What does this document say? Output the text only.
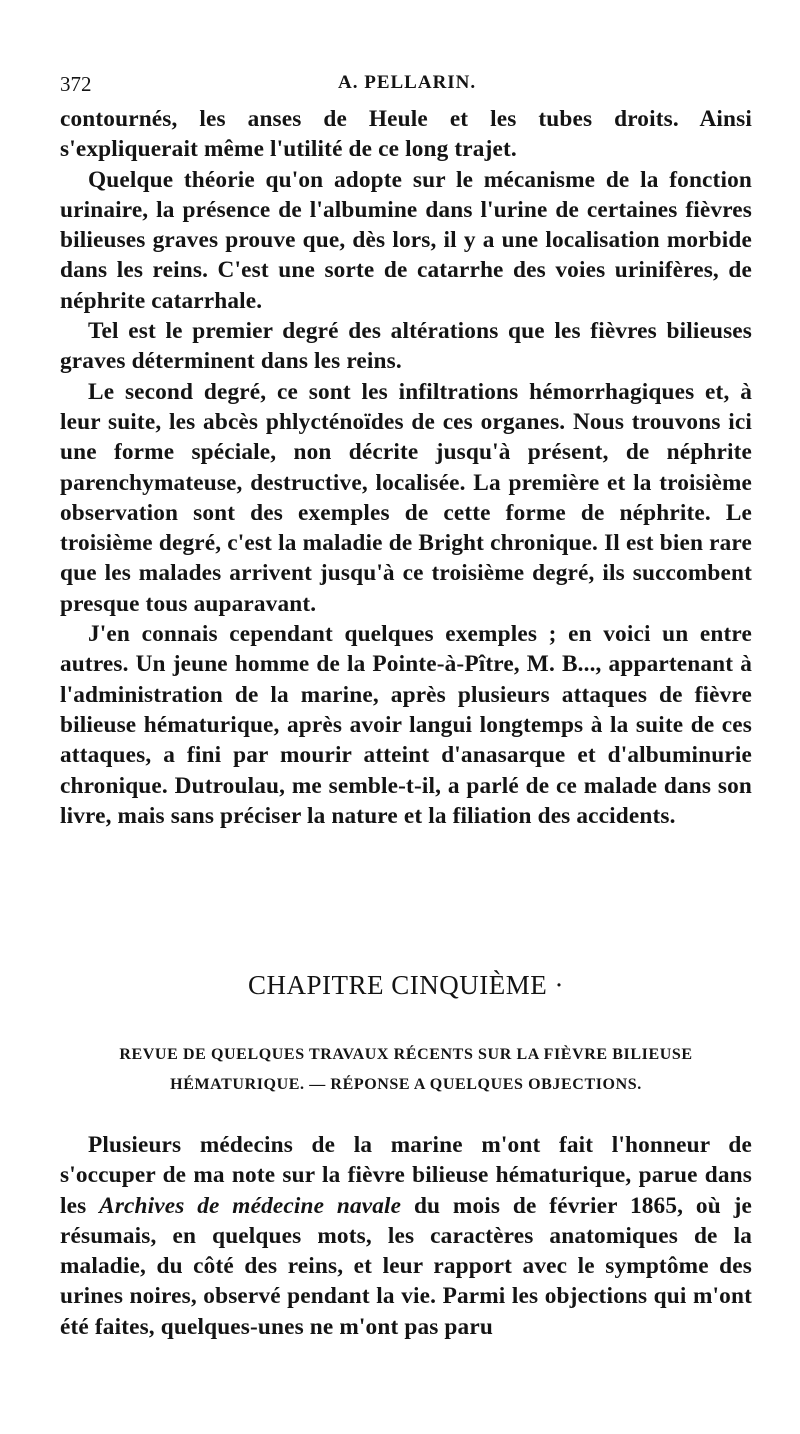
372	A. PELLARIN.

contournés, les anses de Heule et les tubes droits. Ainsi s'expliquerait même l'utilité de ce long trajet.

Quelque théorie qu'on adopte sur le mécanisme de la fonction urinaire, la présence de l'albumine dans l'urine de certaines fièvres bilieuses graves prouve que, dès lors, il y a une localisation morbide dans les reins. C'est une sorte de catarrhe des voies urinifères, de néphrite catarrhale.

Tel est le premier degré des altérations que les fièvres bilieuses graves déterminent dans les reins.

Le second degré, ce sont les infiltrations hémorrhagiques et, à leur suite, les abcès phlycténoïdes de ces organes. Nous trouvons ici une forme spéciale, non décrite jusqu'à présent, de néphrite parenchymateuse, destructive, localisée. La première et la troisième observation sont des exemples de cette forme de néphrite. Le troisième degré, c'est la maladie de Bright chronique. Il est bien rare que les malades arrivent jusqu'à ce troisième degré, ils succombent presque tous auparavant.

J'en connais cependant quelques exemples ; en voici un entre autres. Un jeune homme de la Pointe-à-Pître, M. B..., appartenant à l'administration de la marine, après plusieurs attaques de fièvre bilieuse hématurique, après avoir langui longtemps à la suite de ces attaques, a fini par mourir atteint d'anasarque et d'albuminurie chronique. Dutroulau, me semble-t-il, a parlé de ce malade dans son livre, mais sans préciser la nature et la filiation des accidents.

CHAPITRE CINQUIÈME ·
REVUE DE QUELQUES TRAVAUX RÉCENTS SUR LA FIÈVRE BILIEUSE
HÉMATURIQUE. — RÉPONSE A QUELQUES OBJECTIONS.

Plusieurs médecins de la marine m'ont fait l'honneur de s'occuper de ma note sur la fièvre bilieuse hématurique, parue dans les Archives de médecine navale du mois de février 1865, où je résumais, en quelques mots, les caractères anatomiques de la maladie, du côté des reins, et leur rapport avec le symptôme des urines noires, observé pendant la vie. Parmi les objections qui m'ont été faites, quelques-unes ne m'ont pas paru
